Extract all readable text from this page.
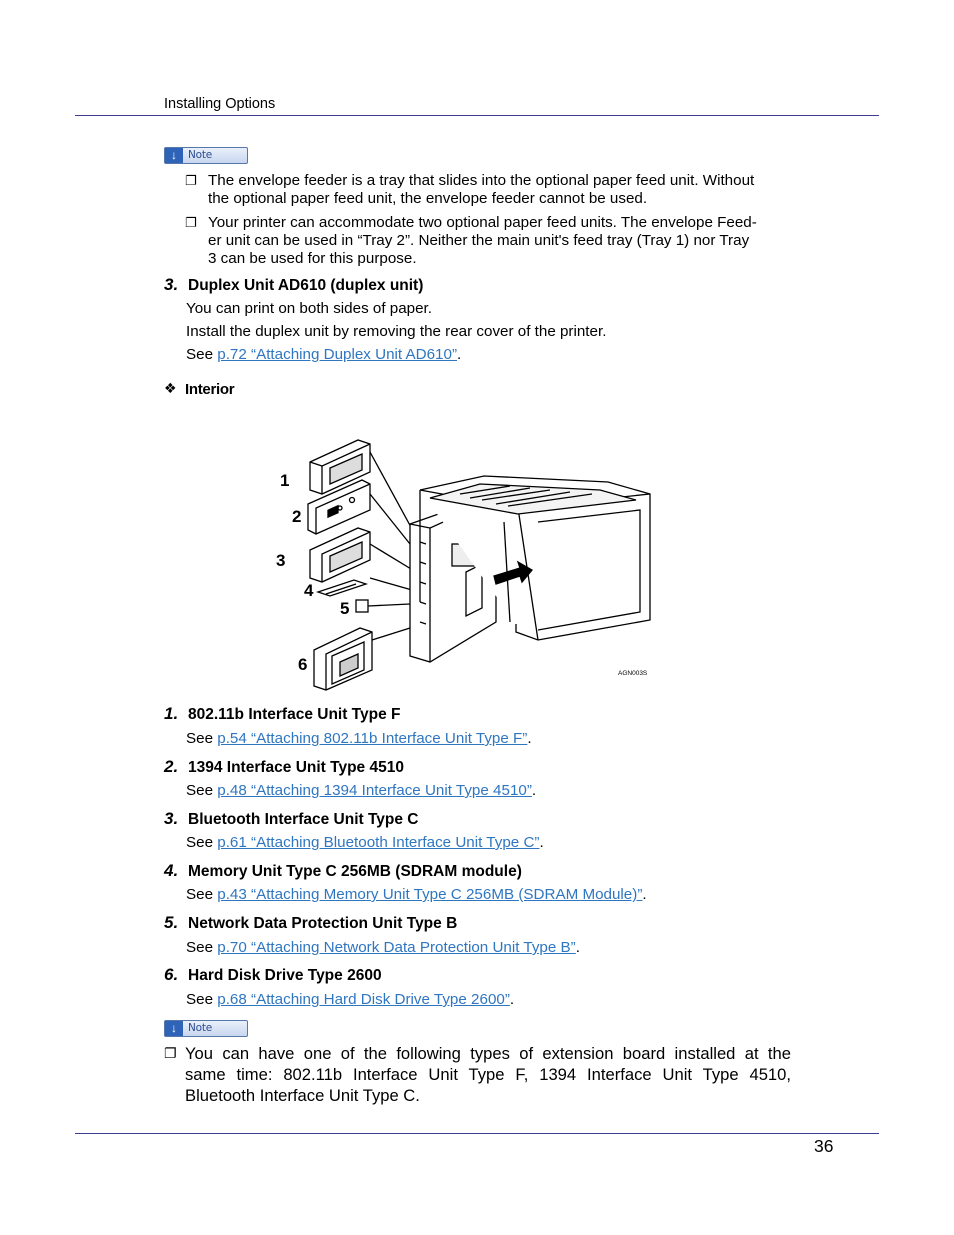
Installing Options
↓	Note
❐ The envelope feeder is a tray that slides into the optional paper feed unit. Without
the optional paper feed unit, the envelope feeder cannot be used.
❐ Your printer can accommodate two optional paper feed units. The envelope Feed-
er unit can be used in “Tray 2”. Neither the main unit's feed tray (Tray 1) nor Tray
3 can be used for this purpose.
3. Duplex Unit AD610 (duplex unit)
You can print on both sides of paper.
Install the duplex unit by removing the rear cover of the printer.
See p.72 “Attaching Duplex Unit AD610”.
❖ Interior
1
2
3
4
5
6	AGN003S
1. 802.11b Interface Unit Type F
See p.54 “Attaching 802.11b Interface Unit Type F”.
2. 1394 Interface Unit Type 4510
See p.48 “Attaching 1394 Interface Unit Type 4510”.
3. Bluetooth Interface Unit Type C
See p.61 “Attaching Bluetooth Interface Unit Type C”.
4. Memory Unit Type C 256MB (SDRAM module)
See p.43 “Attaching Memory Unit Type C 256MB (SDRAM Module)”.
5. Network Data Protection Unit Type B
See p.70 “Attaching Network Data Protection Unit Type B”.
6. Hard Disk Drive Type 2600
See p.68 “Attaching Hard Disk Drive Type 2600”.
↓	Note
❐ You can have one of the following types of extension board installed at the
same time: 802.11b Interface Unit Type F, 1394 Interface Unit Type 4510,
Bluetooth Interface Unit Type C.
36
